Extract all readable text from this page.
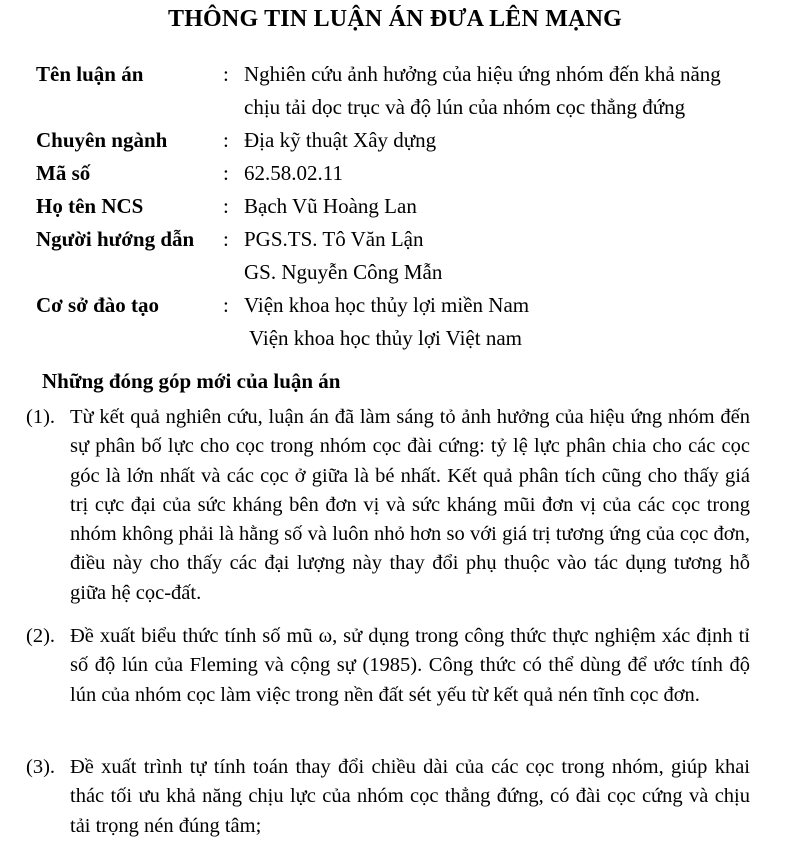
THÔNG TIN LUẬN ÁN ĐƯA LÊN MẠNG
Tên luận án	: Nghiên cứu ảnh hưởng của hiệu ứng nhóm đến khả năng
chịu tải dọc trục và độ lún của nhóm cọc thẳng đứng
Chuyên ngành	: Địa kỹ thuật Xây dựng
Mã số	: 62.58.02.11
Họ tên NCS	: Bạch Vũ Hoàng Lan
Người hướng dẫn : PGS.TS. Tô Văn Lận
GS. Nguyễn Công Mẫn
Cơ sở đào tạo	: Viện khoa học thủy lợi miền Nam
Viện khoa học thủy lợi Việt nam
Những đóng góp mới của luận án
(1). Từ kết quả nghiên cứu, luận án đã làm sáng tỏ ảnh hưởng của hiệu ứng nhóm đến sự phân bố lực cho cọc trong nhóm cọc đài cứng: tỷ lệ lực phân chia cho các cọc góc là lớn nhất và các cọc ở giữa là bé nhất. Kết quả phân tích cũng cho thấy giá trị cực đại của sức kháng bên đơn vị và sức kháng mũi đơn vị của các cọc trong nhóm không phải là hằng số và luôn nhỏ hơn so với giá trị tương ứng của cọc đơn, điều này cho thấy các đại lượng này thay đổi phụ thuộc vào tác dụng tương hỗ giữa hệ cọc-đất.
(2). Đề xuất biểu thức tính số mũ ω, sử dụng trong công thức thực nghiệm xác định tỉ số độ lún của Fleming và cộng sự (1985). Công thức có thể dùng để ước tính độ lún của nhóm cọc làm việc trong nền đất sét yếu từ kết quả nén tĩnh cọc đơn.
(3). Đề xuất trình tự tính toán thay đổi chiều dài của các cọc trong nhóm, giúp khai thác tối ưu khả năng chịu lực của nhóm cọc thẳng đứng, có đài cọc cứng và chịu tải trọng nén đúng tâm;
